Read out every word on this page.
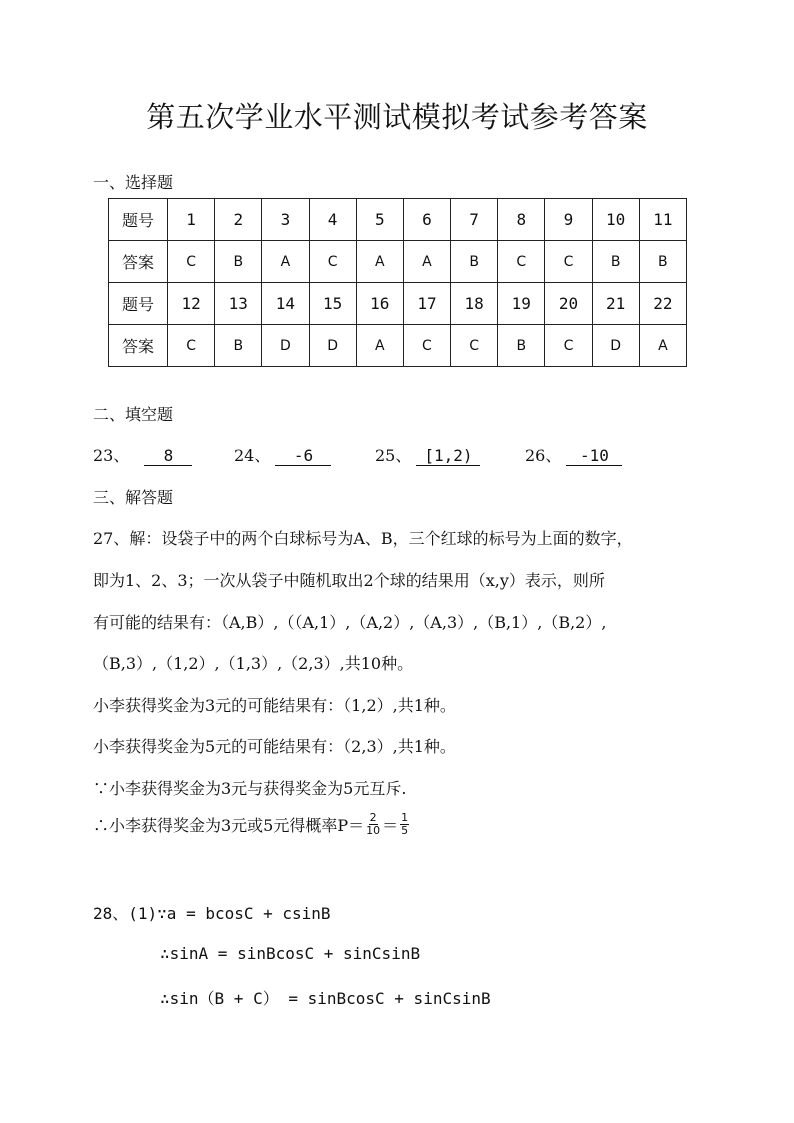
第五次学业水平测试模拟考试参考答案
一、选择题
题号	1	2	3	4	5	6	7	8	9	10	11
答案	C	B	A	C	A	A	B	C	C	B	B
题号	12	13	14	15	16	17	18	19	20	21	22
答案	C	B	D	D	A	C	C	B	C	D	A
二、填空题
23、 8	24、 -6	25、 [1,2)	26、 -10
三、解答题
27、解：设袋子中的两个白球标号为A、B，三个红球的标号为上面的数字，
即为1、2、3；一次从袋子中随机取出2个球的结果用（x,y）表示，则所
有可能的结果有：（A,B）,（（A,1）,（A,2）,（A,3）,（B,1）,（B,2）,
（B,3）,（1,2）,（1,3）,（2,3）,共10种。
小李获得奖金为3元的可能结果有：（1,2）,共1种。
小李获得奖金为5元的可能结果有：（2,3）,共1种。
∵小李获得奖金为3元与获得奖金为5元互斥.
∴小李获得奖金为3元或5元得概率$P= \frac{2}{10} = \frac{1}{5}$
28、(1)∵a = bcosC + csinB
∴sinA = sinBcosC + sinCsinB
∴sin（B + C） = sinBcosC + sinCsinB
